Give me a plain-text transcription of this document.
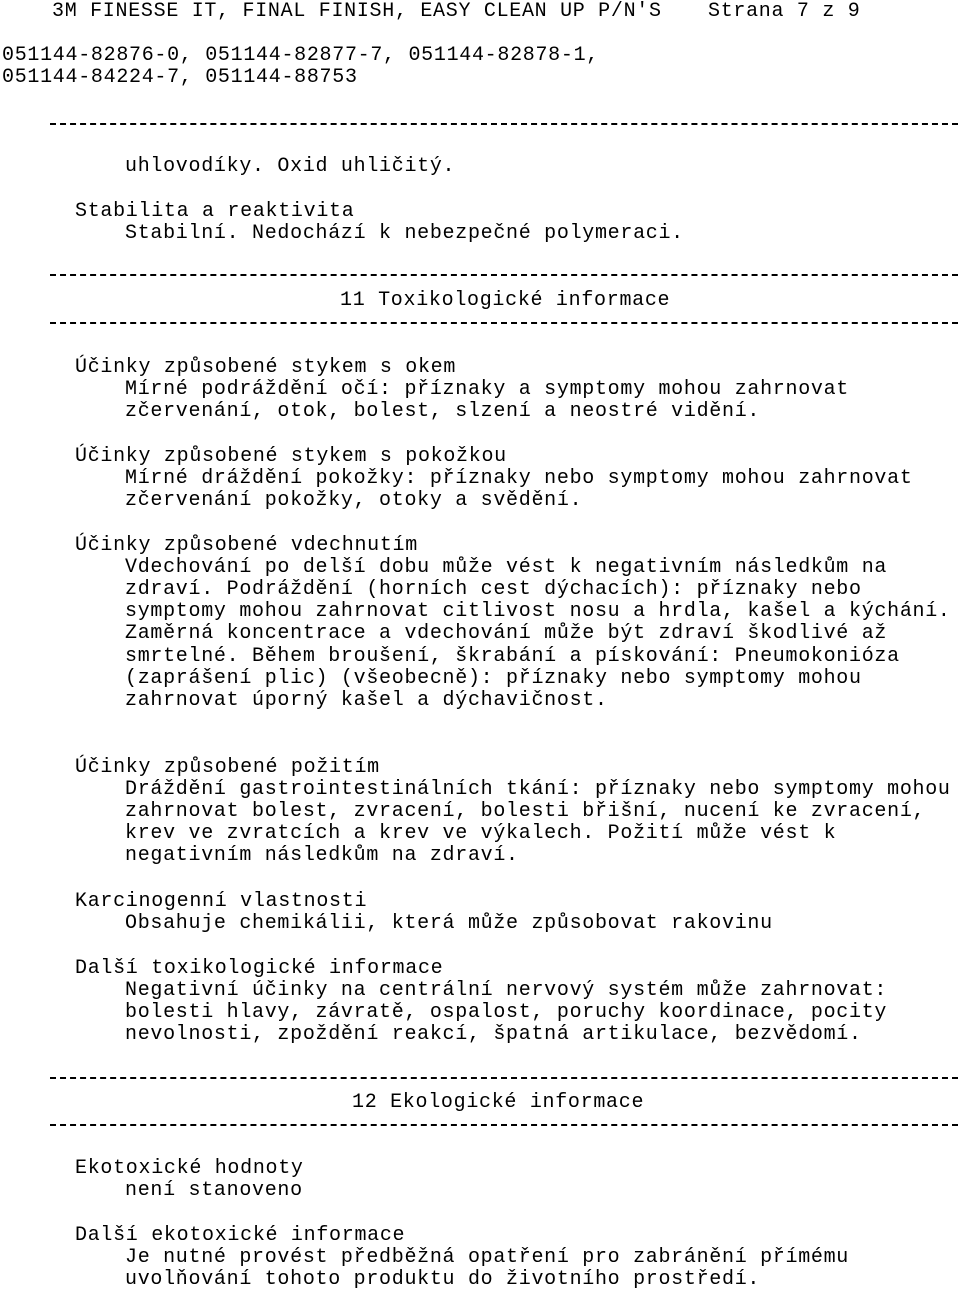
3M FINESSE IT, FINAL FINISH, EASY CLEAN UP P/N'S Strana 7 z 9
051144-82876-0, 051144-82877-7, 051144-82878-1,
051144-84224-7, 051144-88753
uhlovodíky. Oxid uhličitý.
Stabilita a reaktivita
Stabilní. Nedochází k nebezpečné polymeraci.
11 Toxikologické informace
Účinky způsobené stykem s okem
Mírné podráždění očí: příznaky a symptomy mohou zahrnovat
zčervenání, otok, bolest, slzení a neostré vidění.
Účinky způsobené stykem s pokožkou
Mírné dráždění pokožky: příznaky nebo symptomy mohou zahrnovat
zčervenání pokožky, otoky a svědění.
Účinky způsobené vdechnutím
Vdechování po delší dobu může vést k negativním následkům na
zdraví. Podráždění (horních cest dýchacích): příznaky nebo
symptomy mohou zahrnovat citlivost nosu a hrdla, kašel a kýchání.
Zaměrná koncentrace a vdechování může být zdraví škodlivé až
smrtelné. Během broušení, škrabání a pískování: Pneumokonióza
(zaprášení plic) (všeobecně): příznaky nebo symptomy mohou
zahrnovat úporný kašel a dýchavičnost.
Účinky způsobené požitím
Dráždění gastrointestinálních tkání: příznaky nebo symptomy mohou
zahrnovat bolest, zvracení, bolesti břišní, nucení ke zvracení,
krev ve zvratcích a krev ve výkalech. Požití může vést k
negativním následkům na zdraví.
Karcinogenní vlastnosti
Obsahuje chemikálii, která může způsobovat rakovinu
Další toxikologické informace
Negativní účinky na centrální nervový systém může zahrnovat:
bolesti hlavy, závratě, ospalost, poruchy koordinace, pocity
nevolnosti, zpoždění reakcí, špatná artikulace, bezvědomí.
12 Ekologické informace
Ekotoxické hodnoty
není stanoveno
Další ekotoxické informace
Je nutné provést předběžná opatření pro zabránění přímému
uvolňování tohoto produktu do životního prostředí.
